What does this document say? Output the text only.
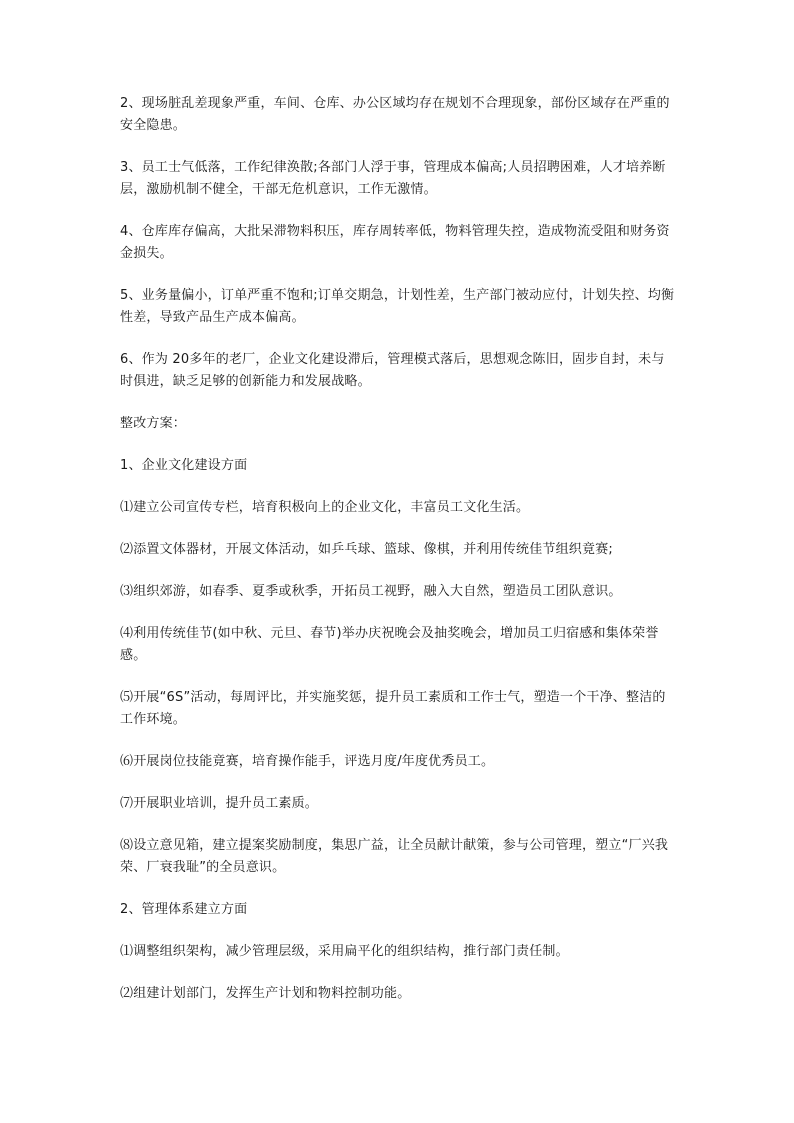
2、现场脏乱差现象严重，车间、仓库、办公区域均存在规划不合理现象，部份区域存在严重的安全隐患。

3、员工士气低落，工作纪律涣散;各部门人浮于事，管理成本偏高;人员招聘困难，人才培养断层，激励机制不健全，干部无危机意识，工作无激情。

4、仓库库存偏高，大批呆滞物料积压，库存周转率低，物料管理失控，造成物流受阻和财务资金损失。

5、业务量偏小，订单严重不饱和;订单交期急，计划性差，生产部门被动应付，计划失控、均衡性差，导致产品生产成本偏高。

6、作为 20多年的老厂，企业文化建设滞后，管理模式落后，思想观念陈旧，固步自封，未与时俱进，缺乏足够的创新能力和发展战略。

整改方案：

1、企业文化建设方面

⑴建立公司宣传专栏，培育积极向上的企业文化，丰富员工文化生活。

⑵添置文体器材，开展文体活动，如乒乓球、篮球、像棋，并利用传统佳节组织竟赛;

⑶组织郊游，如春季、夏季或秋季，开拓员工视野，融入大自然，塑造员工团队意识。

⑷利用传统佳节(如中秋、元旦、春节)举办庆祝晚会及抽奖晚会，增加员工归宿感和集体荣誉感。

⑸开展“6S”活动，每周评比，并实施奖惩，提升员工素质和工作士气，塑造一个干净、整洁的工作环境。

⑹开展岗位技能竟赛，培育操作能手，评选月度/年度优秀员工。

⑺开展职业培训，提升员工素质。

⑻设立意见箱，建立提案奖励制度，集思广益，让全员献计献策，参与公司管理，塑立“厂兴我荣、厂衰我耻”的全员意识。

2、管理体系建立方面

⑴调整组织架构，减少管理层级，采用扁平化的组织结构，推行部门责任制。

⑵组建计划部门，发挥生产计划和物料控制功能。
